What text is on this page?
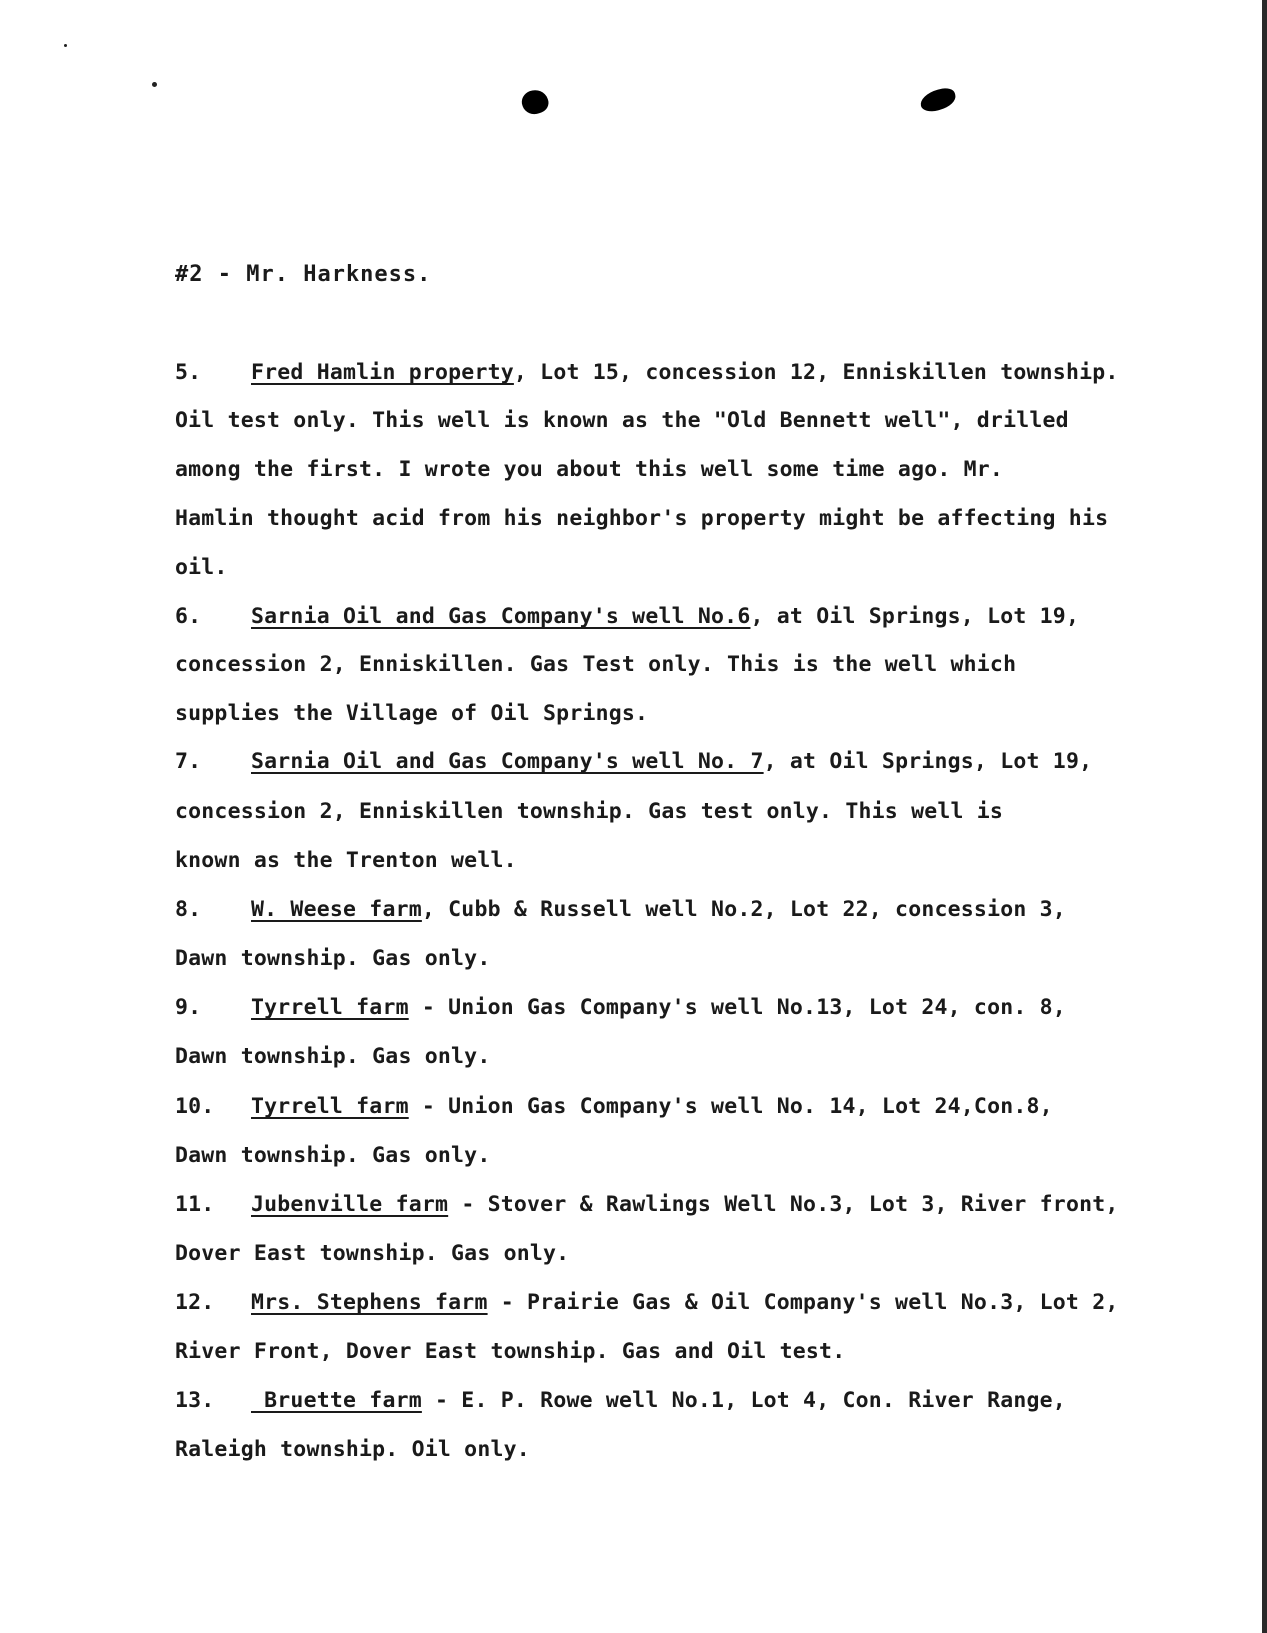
#2 - Mr. Harkness.
5. Fred Hamlin property, Lot 15, concession 12, Enniskillen township.
Oil test only. This well is known as the "Old Bennett well", drilled
among the first. I wrote you about this well some time ago. Mr.
Hamlin thought acid from his neighbor's property might be affecting his
oil.
6. Sarnia Oil and Gas Company's well No.6, at Oil Springs, Lot 19,
concession 2, Enniskillen. Gas Test only. This is the well which
supplies the Village of Oil Springs.
7. Sarnia Oil and Gas Company's well No. 7, at Oil Springs, Lot 19,
concession 2, Enniskillen township. Gas test only. This well is
known as the Trenton well.
8. W. Weese farm, Cubb & Russell well No.2, Lot 22, concession 3,
Dawn township. Gas only.
9. Tyrrell farm - Union Gas Company's well No.13, Lot 24, con. 8,
Dawn township. Gas only.
10. Tyrrell farm - Union Gas Company's well No. 14, Lot 24,Con.8,
Dawn township. Gas only.
11. Jubenville farm - Stover & Rawlings Well No.3, Lot 3, River front,
Dover East township. Gas only.
12. Mrs. Stephens farm - Prairie Gas & Oil Company's well No.3, Lot 2,
River Front, Dover East township. Gas and Oil test.
13. Bruette farm - E. P. Rowe well No.1, Lot 4, Con. River Range,
Raleigh township. Oil only.
